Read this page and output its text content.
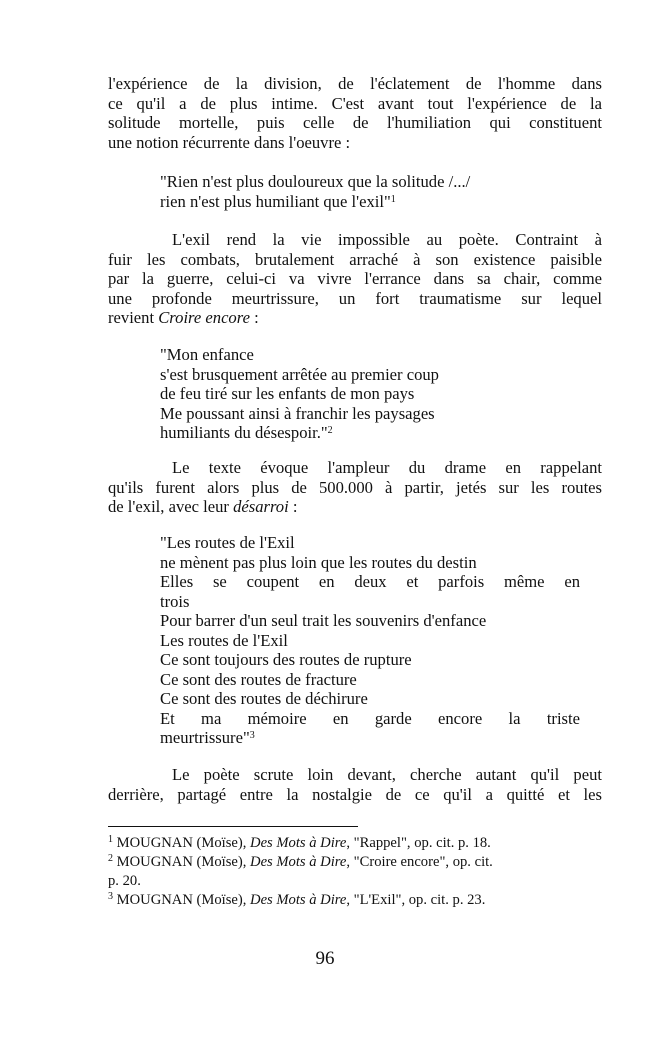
l'expérience de la division, de l'éclatement de l'homme dans
ce qu'il a de plus intime. C'est avant tout l'expérience de la
solitude mortelle, puis celle de l'humiliation qui constituent
une notion récurrente dans l'oeuvre :
"Rien n'est plus douloureux que la solitude /.../
rien n'est plus humiliant que l'exil"$^1$
L'exil rend la vie impossible au poète. Contraint à
fuir les combats, brutalement arraché à son existence paisible
par la guerre, celui-ci va vivre l'errance dans sa chair, comme
une profonde meurtrissure, un fort traumatisme sur lequel
revient Croire encore :
"Mon enfance
s'est brusquement arrêtée au premier coup
de feu tiré sur les enfants de mon pays
Me poussant ainsi à franchir les paysages
humiliants du désespoir."$^2$
Le texte évoque l'ampleur du drame en rappelant
qu'ils furent alors plus de 500.000 à partir, jetés sur les routes
de l'exil, avec leur désarroi :
"Les routes de l'Exil
ne mènent pas plus loin que les routes du destin
Elles se coupent en deux et parfois même en
trois
Pour barrer d'un seul trait les souvenirs d'enfance
Les routes de l'Exil
Ce sont toujours des routes de rupture
Ce sont des routes de fracture
Ce sont des routes de déchirure
Et ma mémoire en garde encore la triste
meurtrissure"$^3$
Le poète scrute loin devant, cherche autant qu'il peut
derrière, partagé entre la nostalgie de ce qu'il a quitté et les
$^1$ MOUGNAN (Moïse), Des Mots à Dire, "Rappel", op. cit. p. 18.
$^2$ MOUGNAN (Moïse), Des Mots à Dire, "Croire encore", op. cit.
p. 20.
$^3$ MOUGNAN (Moïse), Des Mots à Dire, "L'Exil", op. cit. p. 23.
96
